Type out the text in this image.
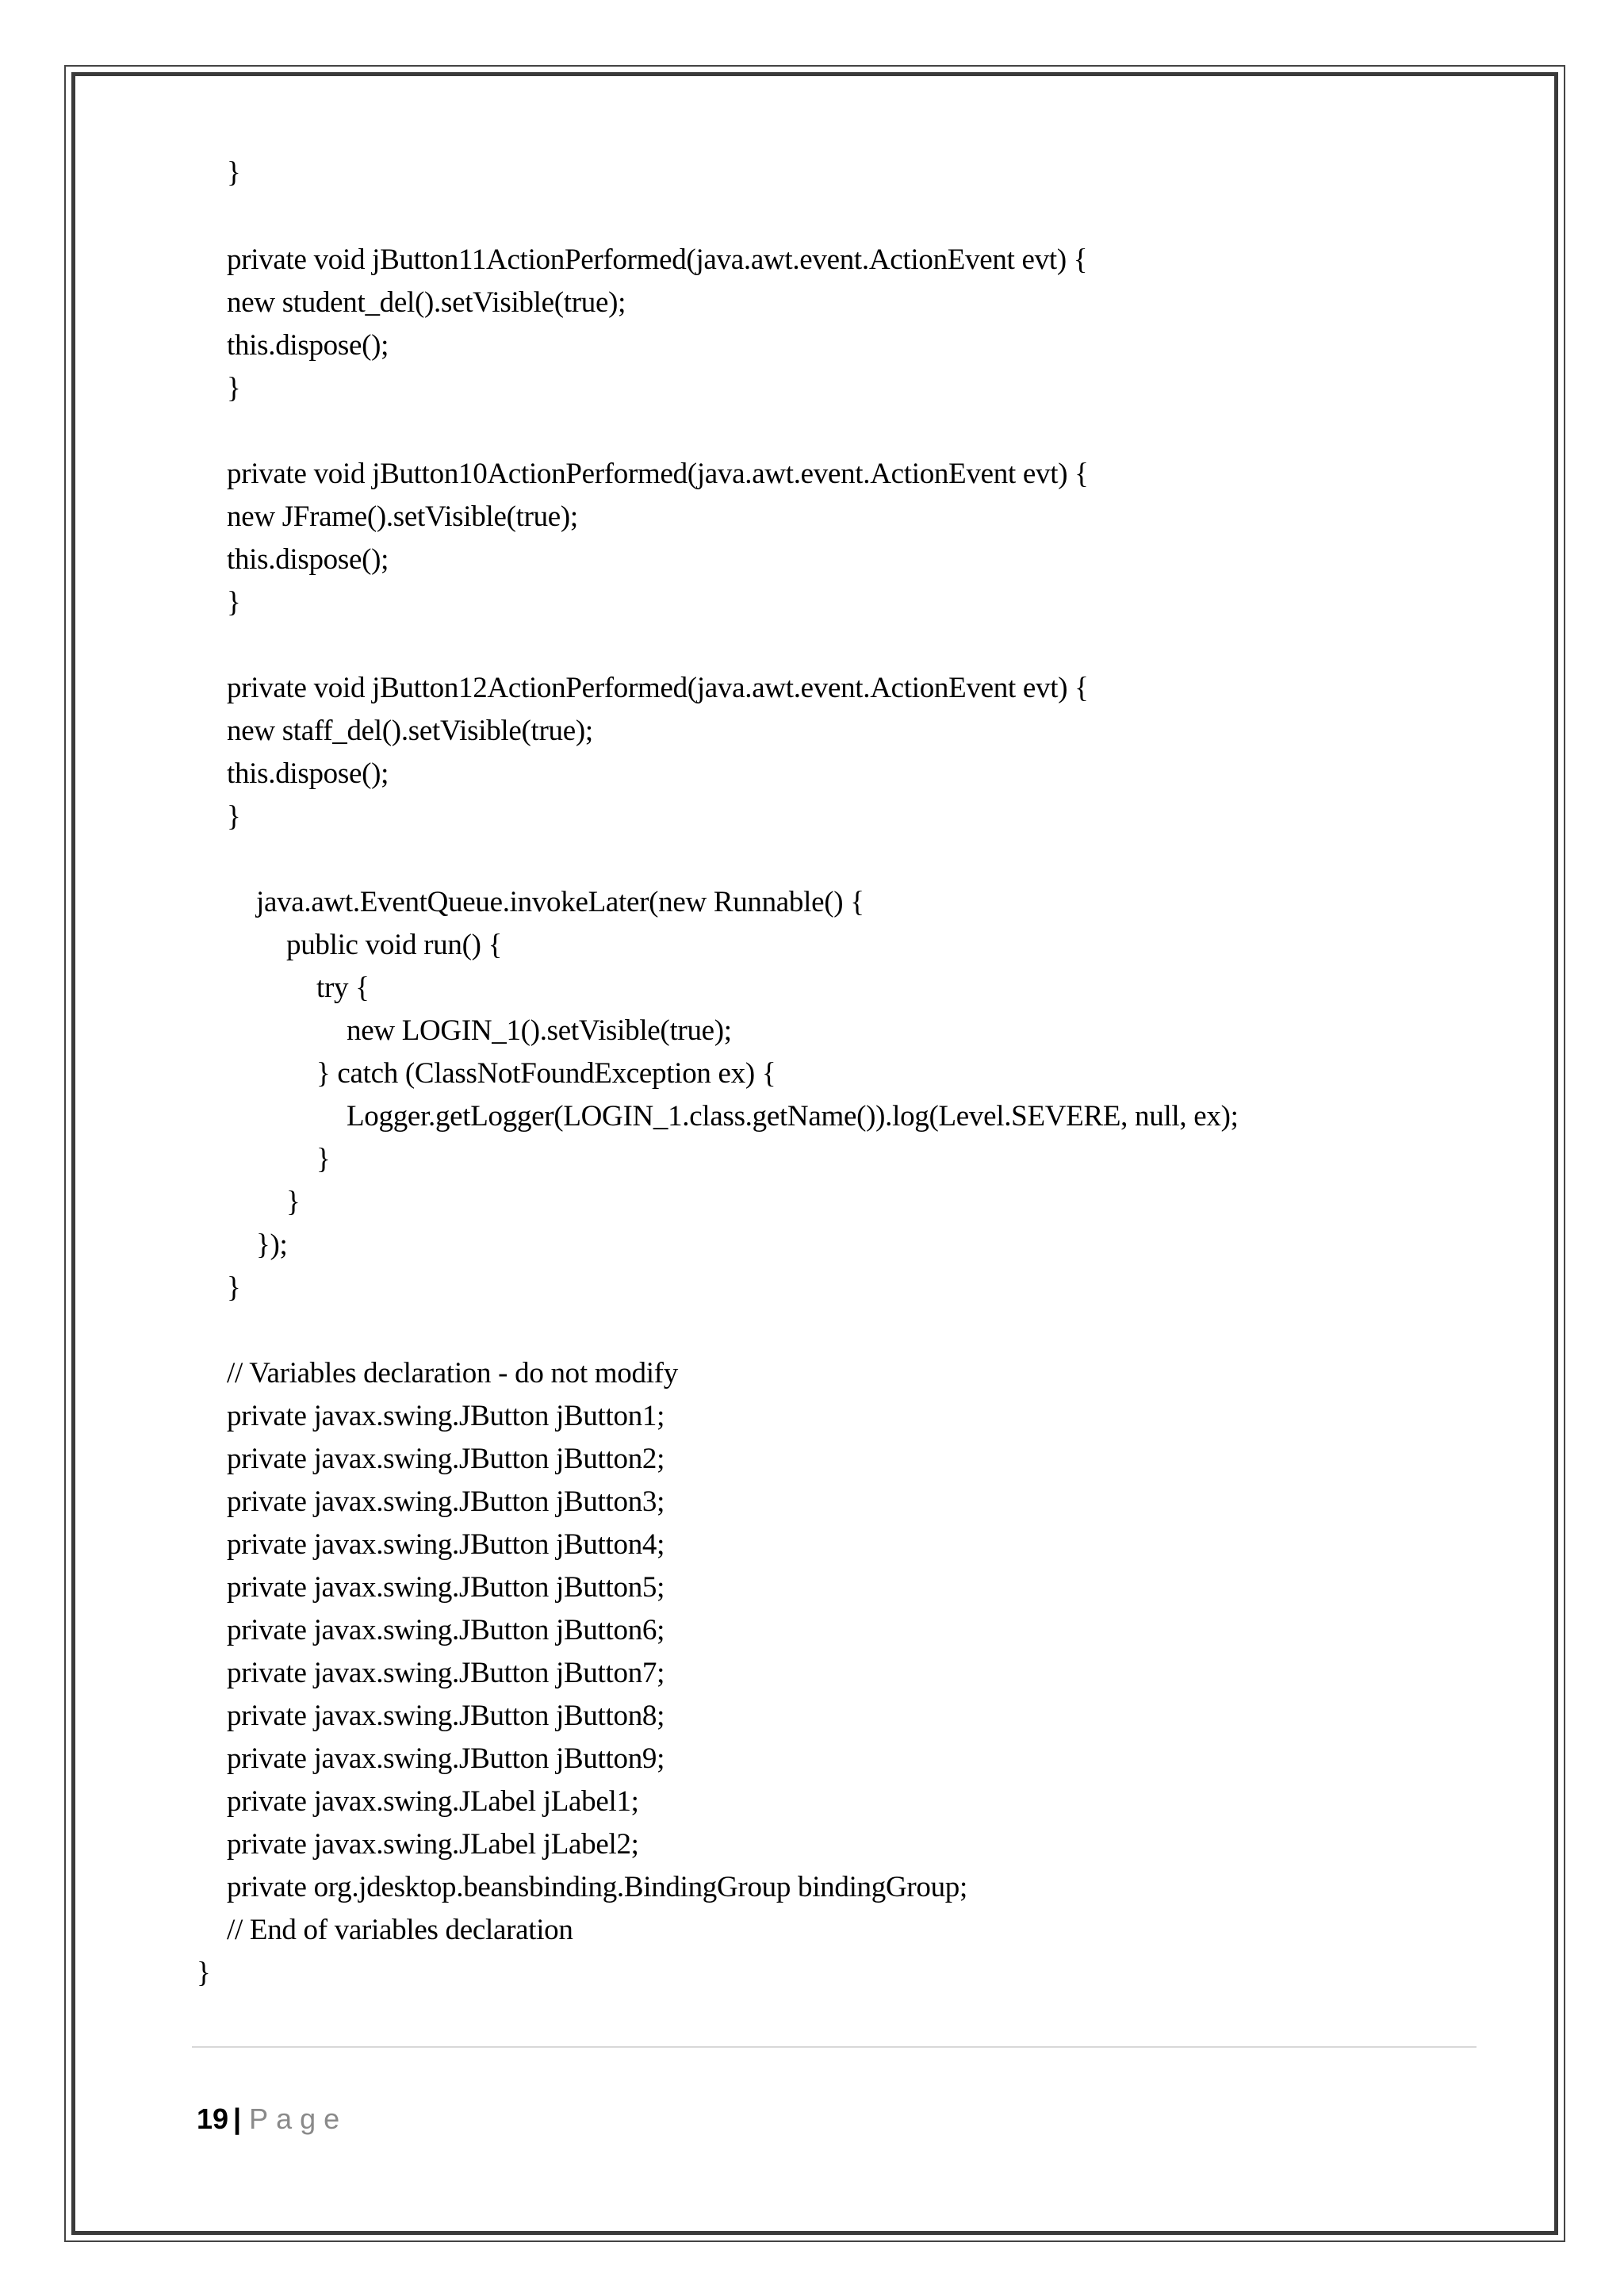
}
private void jButton11ActionPerformed(java.awt.event.ActionEvent evt) {
new student_del().setVisible(true);
this.dispose();
}
private void jButton10ActionPerformed(java.awt.event.ActionEvent evt) {
new JFrame().setVisible(true);
this.dispose();
}
private void jButton12ActionPerformed(java.awt.event.ActionEvent evt) {
new staff_del().setVisible(true);
this.dispose();
}
java.awt.EventQueue.invokeLater(new Runnable() {
public void run() {
try {
new LOGIN_1().setVisible(true);
} catch (ClassNotFoundException ex) {
Logger.getLogger(LOGIN_1.class.getName()).log(Level.SEVERE, null, ex);
}
}
});
}
// Variables declaration - do not modify
private javax.swing.JButton jButton1;
private javax.swing.JButton jButton2;
private javax.swing.JButton jButton3;
private javax.swing.JButton jButton4;
private javax.swing.JButton jButton5;
private javax.swing.JButton jButton6;
private javax.swing.JButton jButton7;
private javax.swing.JButton jButton8;
private javax.swing.JButton jButton9;
private javax.swing.JLabel jLabel1;
private javax.swing.JLabel jLabel2;
private org.jdesktop.beansbinding.BindingGroup bindingGroup;
// End of variables declaration
}
19 | Page
